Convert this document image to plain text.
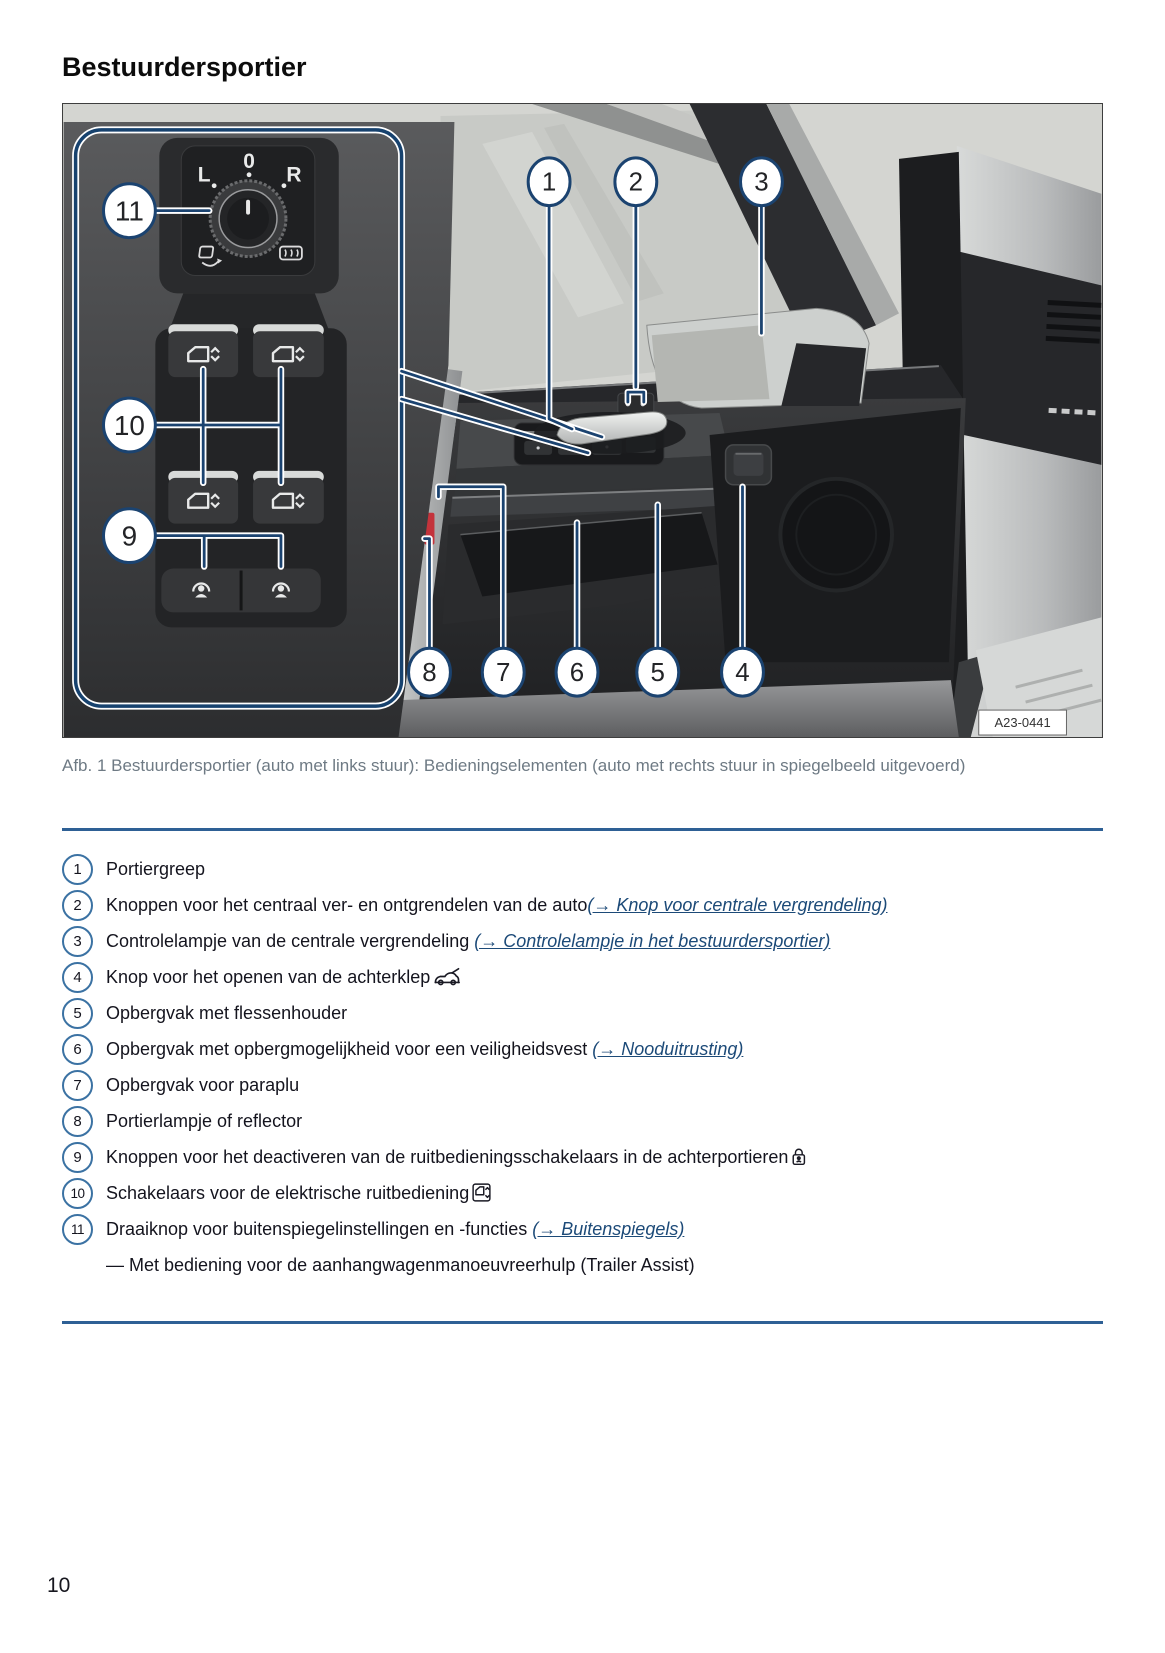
Bestuurdersportier
L
0
R	1	2	3
8 7 6	5	4
11
10
9
A23-0441
Afb. 1 Bestuurdersportier (auto met links stuur): Bedieningselementen (auto met rechts stuur in spiegelbeeld uitgevoerd)
1	Portiergreep
2	Knoppen voor het centraal ver- en ontgrendelen van de auto(→ Knop voor centrale vergrendeling)
3	Controlelampje van de centrale vergrendeling (→ Controlelampje in het bestuurdersportier)
4	Knop voor het openen van de achterklep
5	Opbergvak met flessenhouder
6	Opbergvak met opbergmogelijkheid voor een veiligheidsvest (→ Nooduitrusting)
7	Opbergvak voor paraplu
8	Portierlampje of reflector
9	Knoppen voor het deactiveren van de ruitbedieningsschakelaars in de achterportieren
10	Schakelaars voor de elektrische ruitbediening
11	Draaiknop voor buitenspiegelinstellingen en -functies (→ Buitenspiegels)
— Met bediening voor de aanhangwagenmanoeuvreerhulp (Trailer Assist)
10
